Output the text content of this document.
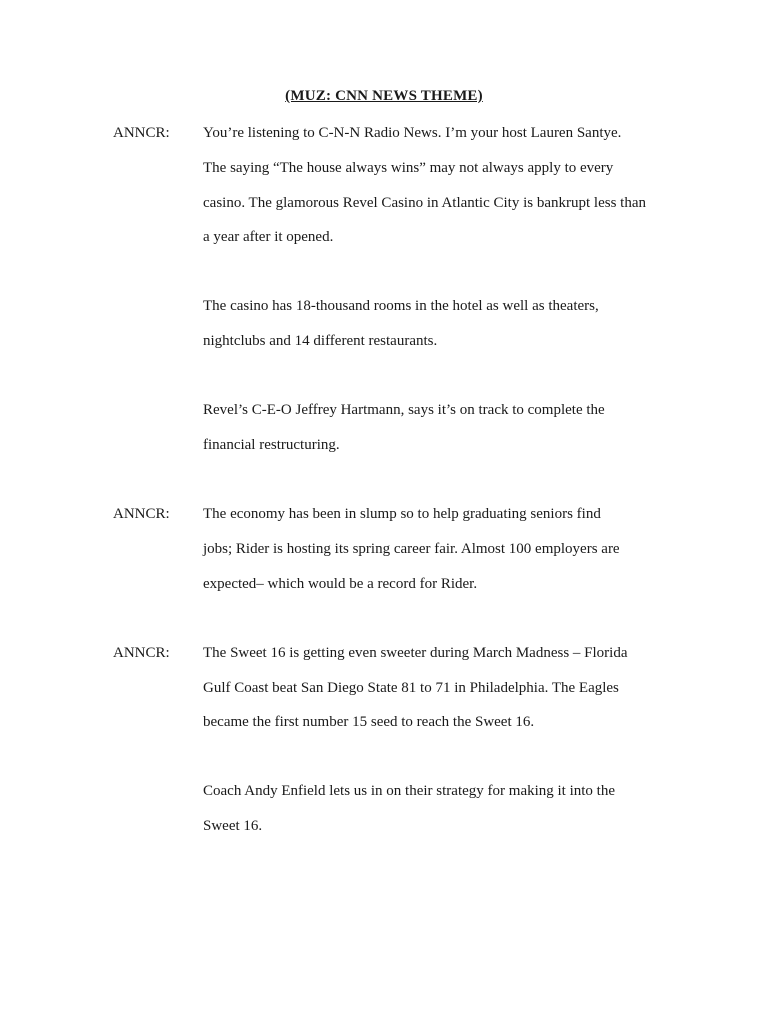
(MUZ: CNN NEWS THEME)
ANNCR:
ANNCR:
ANNCR:
You’re listening to C-N-N Radio News. I’m your host Lauren Santye.
The saying “The house always wins” may not always apply to every
casino. The glamorous Revel Casino in Atlantic City is bankrupt less than
a year after it opened.
The casino has 18-thousand rooms in the hotel as well as theaters,
nightclubs and 14 different restaurants.
Revel’s C-E-O Jeffrey Hartmann, says it’s on track to complete the
financial restructuring.
The economy has been in slump so to help graduating seniors find
jobs; Rider is hosting its spring career fair. Almost 100 employers are
expected– which would be a record for Rider.
The Sweet 16 is getting even sweeter during March Madness – Florida
Gulf Coast beat San Diego State 81 to 71 in Philadelphia. The Eagles
became the first number 15 seed to reach the Sweet 16.
Coach Andy Enfield lets us in on their strategy for making it into the
Sweet 16.
